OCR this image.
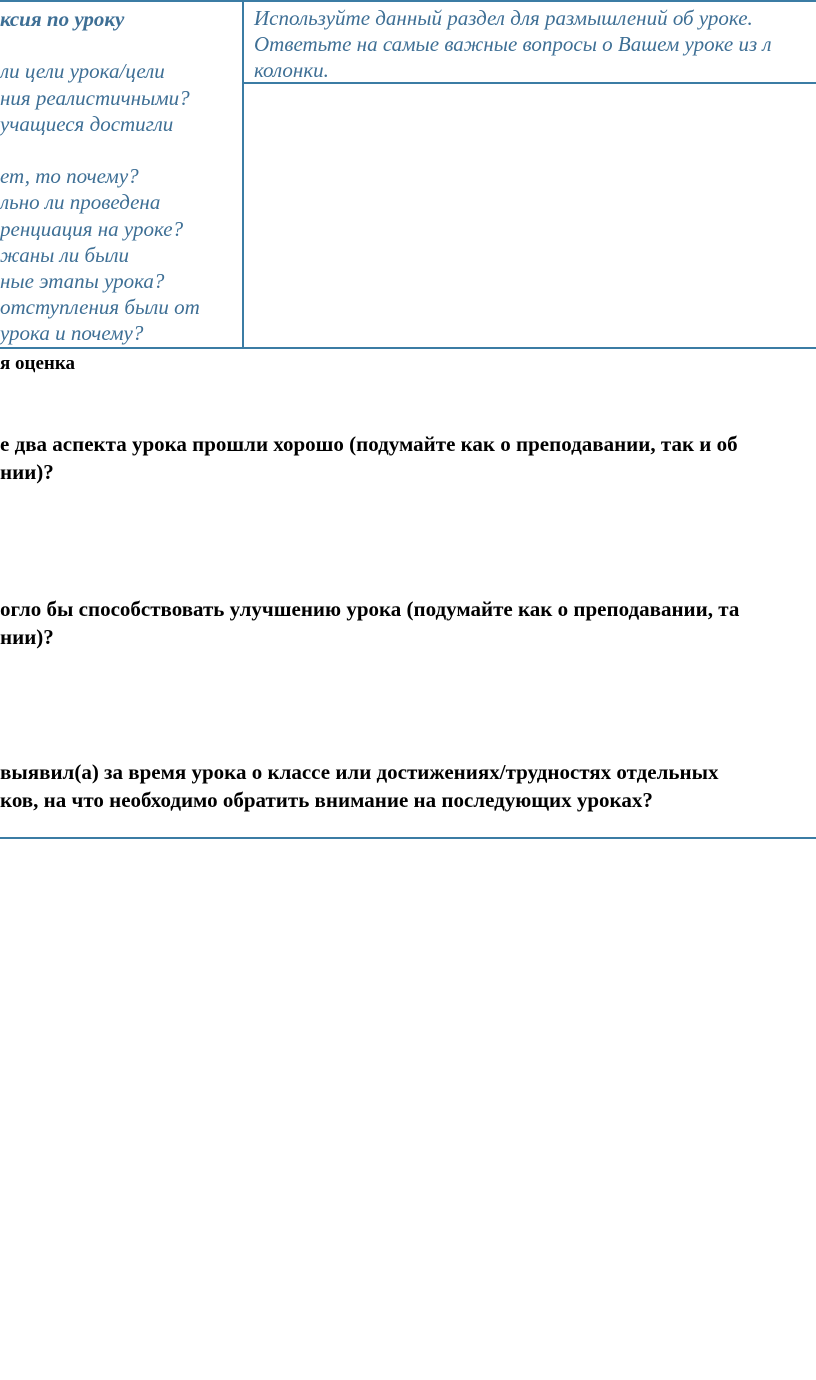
ксия по уроку
ли цели урока/цели
ния реалистичными?
учащиеся достигли
ет, то почему?
льно ли проведена
ренциация на уроке?
жаны ли были
ные этапы урока?
отступления были от
урока и почему?
Используйте данный раздел для размышлений об уроке.
Ответьте на самые важные вопросы о Вашем уроке из л
колонки.
я оценка
е два аспекта урока прошли хорошо (подумайте как о преподавании, так и об
нии)?
огло бы способствовать улучшению урока (подумайте как о преподавании, та
нии)?
выявил(а) за время урока о классе или достижениях/трудностях отдельных
ков, на что необходимо обратить внимание на последующих уроках?
